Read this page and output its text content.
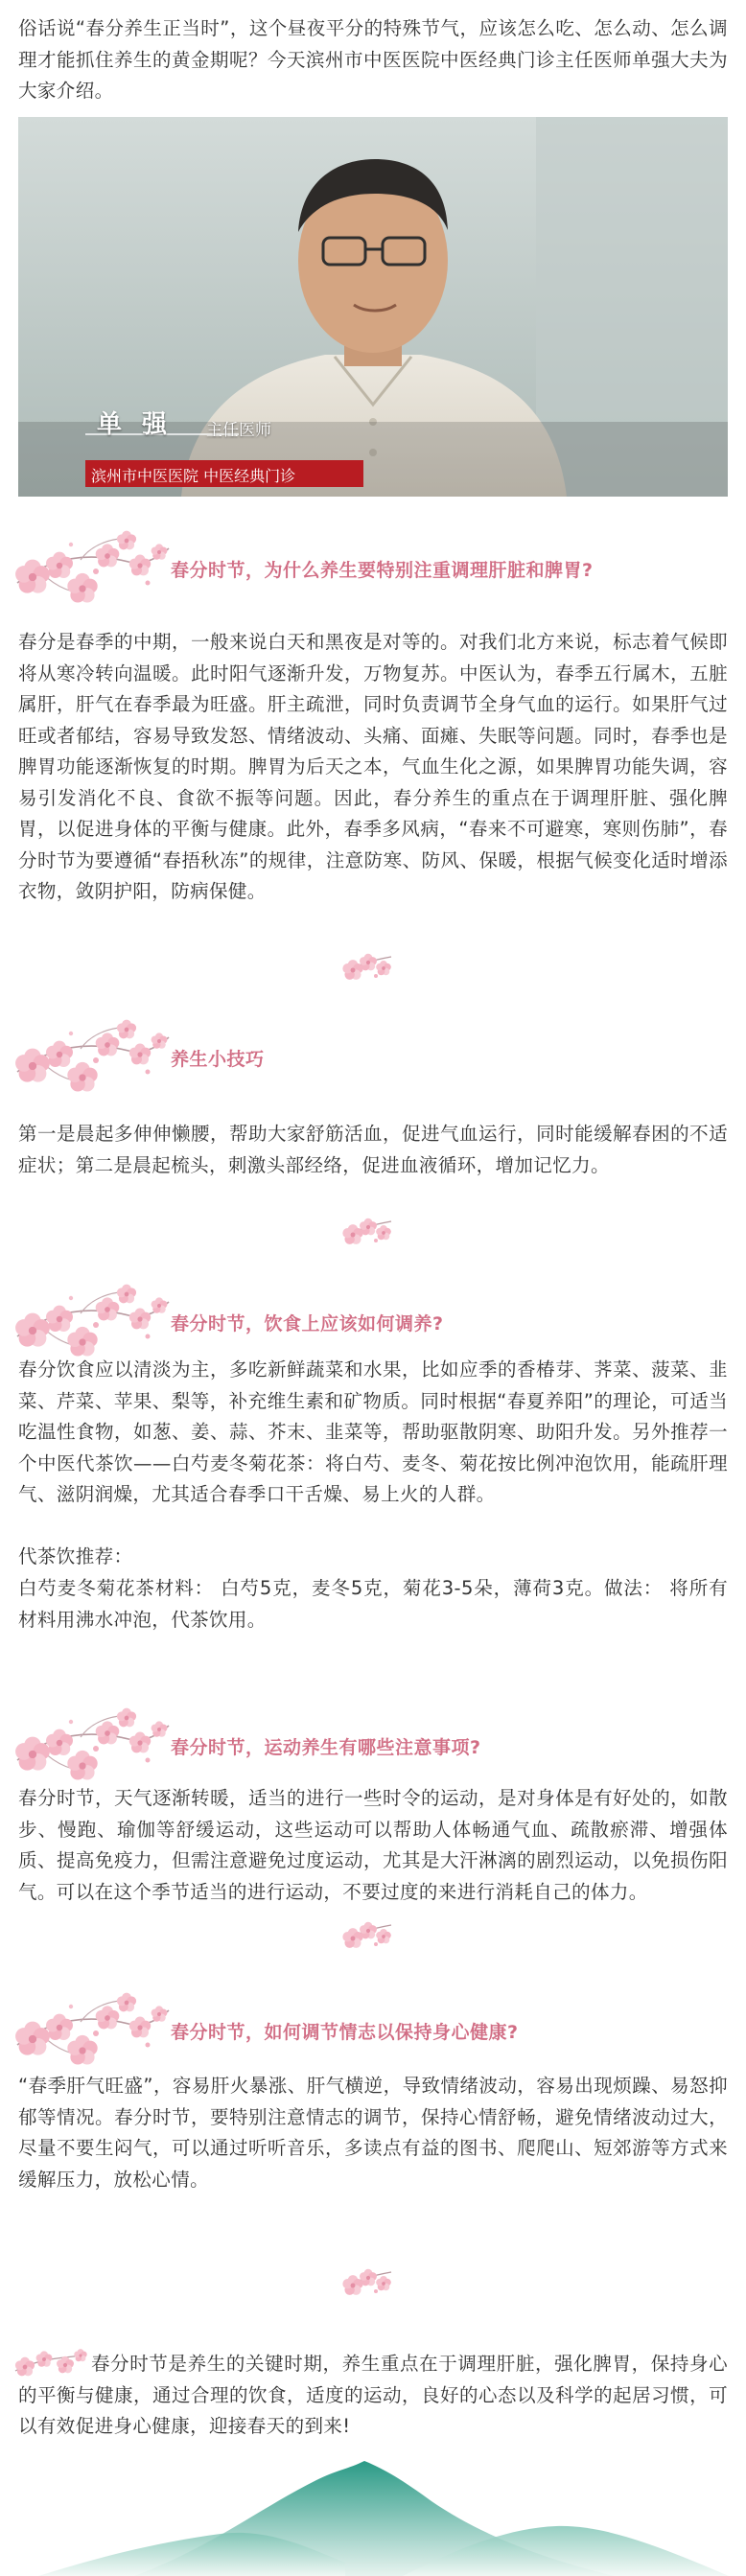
俗话说“春分养生正当时”，这个昼夜平分的特殊节气，应该怎么吃、怎么动、怎么调理才能抓住养生的黄金期呢？今天滨州市中医医院中医经典门诊主任医师单强大夫为大家介绍。

单 强 主任医师
滨州市中医医院 中医经典门诊
春分时节，为什么养生要特别注重调理肝脏和脾胃?

春分是春季的中期，一般来说白天和黑夜是对等的。对我们北方来说，标志着气候即将从寒冷转向温暖。此时阳气逐渐升发，万物复苏。中医认为，春季五行属木，五脏属肝，肝气在春季最为旺盛。肝主疏泄，同时负责调节全身气血的运行。如果肝气过旺或者郁结，容易导致发怒、情绪波动、头痛、面瘫、失眠等问题。同时，春季也是脾胃功能逐渐恢复的时期。脾胃为后天之本，气血生化之源，如果脾胃功能失调，容易引发消化不良、食欲不振等问题。因此，春分养生的重点在于调理肝脏、强化脾胃，以促进身体的平衡与健康。此外，春季多风病，“春来不可避寒，寒则伤肺”，春分时节为要遵循“春捂秋冻”的规律，注意防寒、防风、保暖，根据气候变化适时增添衣物，敛阴护阳，防病保健。

养生小技巧

第一是晨起多伸伸懒腰，帮助大家舒筋活血，促进气血运行，同时能缓解春困的不适症状；第二是晨起梳头，刺激头部经络，促进血液循环，增加记忆力。

春分时节，饮食上应该如何调养?

春分饮食应以清淡为主，多吃新鲜蔬菜和水果，比如应季的香椿芽、荠菜、菠菜、韭菜、芹菜、苹果、梨等，补充维生素和矿物质。同时根据“春夏养阳”的理论，可适当吃温性食物，如葱、姜、蒜、芥末、韭菜等，帮助驱散阴寒、助阳升发。另外推荐一个中医代茶饮——白芍麦冬菊花茶：将白芍、麦冬、菊花按比例冲泡饮用，能疏肝理气、滋阴润燥，尤其适合春季口干舌燥、易上火的人群。

代茶饮推荐：

白芍麦冬菊花茶材料： 白芍5克，麦冬5克，菊花3-5朵，薄荷3克。做法： 将所有材料用沸水冲泡，代茶饮用。

春分时节，运动养生有哪些注意事项?

春分时节，天气逐渐转暖，适当的进行一些时令的运动，是对身体是有好处的，如散步、慢跑、瑜伽等舒缓运动，这些运动可以帮助人体畅通气血、疏散瘀滞、增强体质、提高免疫力，但需注意避免过度运动，尤其是大汗淋漓的剧烈运动，以免损伤阳气。可以在这个季节适当的进行运动，不要过度的来进行消耗自己的体力。

春分时节，如何调节情志以保持身心健康?

“春季肝气旺盛”，容易肝火暴涨、肝气横逆，导致情绪波动，容易出现烦躁、易怒抑郁等情况。春分时节，要特别注意情志的调节，保持心情舒畅，避免情绪波动过大，尽量不要生闷气，可以通过听听音乐，多读点有益的图书、爬爬山、短郊游等方式来缓解压力，放松心情。

春分时节是养生的关键时期，养生重点在于调理肝脏，强化脾胃，保持身心的平衡与健康，通过合理的饮食，适度的运动，良好的心态以及科学的起居习惯，可以有效促进身心健康，迎接春天的到来!
